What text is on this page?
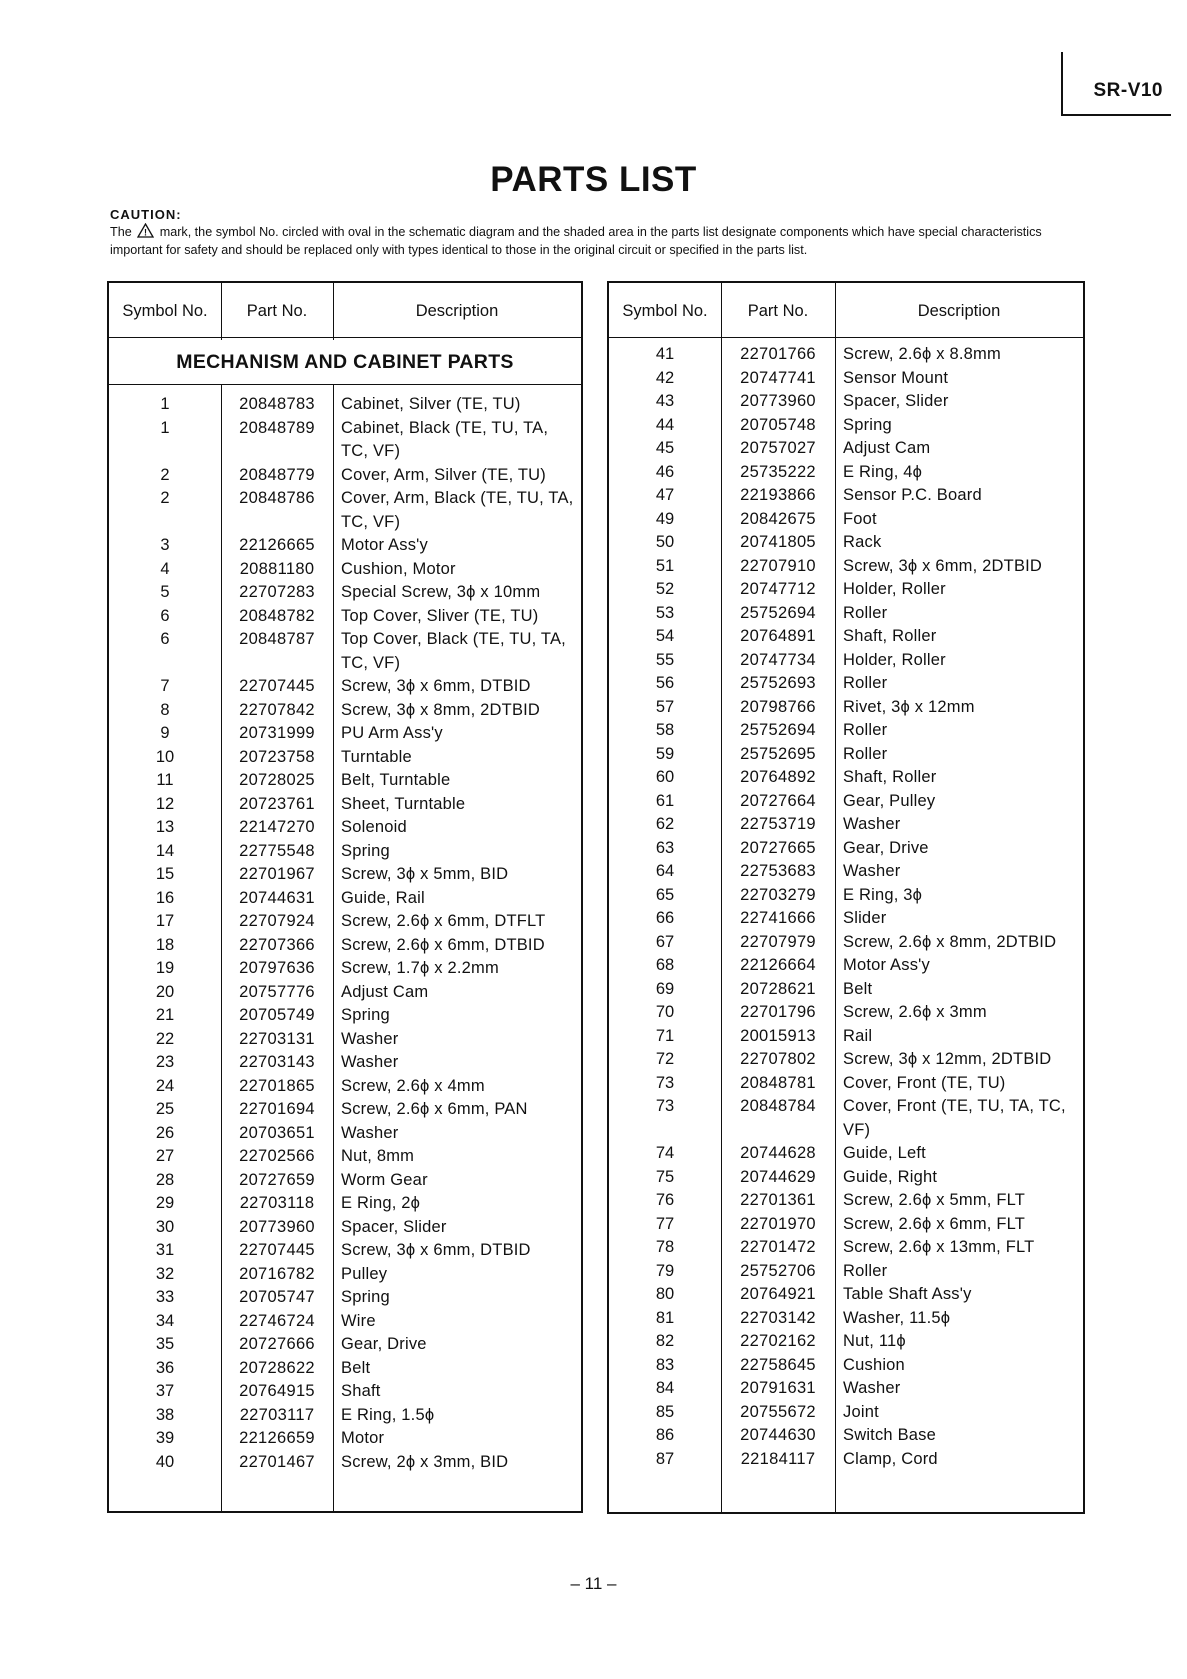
SR-V10
PARTS LIST
CAUTION:
The ! mark, the symbol No. circled with oval in the schematic diagram and the shaded area in the parts list designate components which have special characteristics important for safety and should be replaced only with types identical to those in the original circuit or specified in the parts list.
Symbol No.	Part No.	Description
MECHANISM AND CABINET PARTS
1	20848783	Cabinet, Silver (TE, TU)
1	20848789	Cabinet, Black (TE, TU, TA, TC, VF)
2	20848779	Cover, Arm, Silver (TE, TU)
2	20848786	Cover, Arm, Black (TE, TU, TA, TC, VF)
3	22126665	Motor Ass'y
4	20881180	Cushion, Motor
5	22707283	Special Screw, 3ϕ x 10mm
6	20848782	Top Cover, Sliver (TE, TU)
6	20848787	Top Cover, Black (TE, TU, TA, TC, VF)
7	22707445	Screw, 3ϕ x 6mm, DTBID
8	22707842	Screw, 3ϕ x 8mm, 2DTBID
9	20731999	PU Arm Ass'y
10	20723758	Turntable
11	20728025	Belt, Turntable
12	20723761	Sheet, Turntable
13	22147270	Solenoid
14	22775548	Spring
15	22701967	Screw, 3ϕ x 5mm, BID
16	20744631	Guide, Rail
17	22707924	Screw, 2.6ϕ x 6mm, DTFLT
18	22707366	Screw, 2.6ϕ x 6mm, DTBID
19	20797636	Screw, 1.7ϕ x 2.2mm
20	20757776	Adjust Cam
21	20705749	Spring
22	22703131	Washer
23	22703143	Washer
24	22701865	Screw, 2.6ϕ x 4mm
25	22701694	Screw, 2.6ϕ x 6mm, PAN
26	20703651	Washer
27	22702566	Nut, 8mm
28	20727659	Worm Gear
29	22703118	E Ring, 2ϕ
30	20773960	Spacer, Slider
31	22707445	Screw, 3ϕ x 6mm, DTBID
32	20716782	Pulley
33	20705747	Spring
34	22746724	Wire
35	20727666	Gear, Drive
36	20728622	Belt
37	20764915	Shaft
38	22703117	E Ring, 1.5ϕ
39	22126659	Motor
40	22701467	Screw, 2ϕ x 3mm, BID
Symbol No.	Part No.	Description
41	22701766	Screw, 2.6ϕ x 8.8mm
42	20747741	Sensor Mount
43	20773960	Spacer, Slider
44	20705748	Spring
45	20757027	Adjust Cam
46	25735222	E Ring, 4ϕ
47	22193866	Sensor P.C. Board
49	20842675	Foot
50	20741805	Rack
51	22707910	Screw, 3ϕ x 6mm, 2DTBID
52	20747712	Holder, Roller
53	25752694	Roller
54	20764891	Shaft, Roller
55	20747734	Holder, Roller
56	25752693	Roller
57	20798766	Rivet, 3ϕ x 12mm
58	25752694	Roller
59	25752695	Roller
60	20764892	Shaft, Roller
61	20727664	Gear, Pulley
62	22753719	Washer
63	20727665	Gear, Drive
64	22753683	Washer
65	22703279	E Ring, 3ϕ
66	22741666	Slider
67	22707979	Screw, 2.6ϕ x 8mm, 2DTBID
68	22126664	Motor Ass'y
69	20728621	Belt
70	22701796	Screw, 2.6ϕ x 3mm
71	20015913	Rail
72	22707802	Screw, 3ϕ x 12mm, 2DTBID
73	20848781	Cover, Front (TE, TU)
73	20848784	Cover, Front (TE, TU, TA, TC, VF)
74	20744628	Guide, Left
75	20744629	Guide, Right
76	22701361	Screw, 2.6ϕ x 5mm, FLT
77	22701970	Screw, 2.6ϕ x 6mm, FLT
78	22701472	Screw, 2.6ϕ x 13mm, FLT
79	25752706	Roller
80	20764921	Table Shaft Ass'y
81	22703142	Washer, 11.5ϕ
82	22702162	Nut, 11ϕ
83	22758645	Cushion
84	20791631	Washer
85	20755672	Joint
86	20744630	Switch Base
87	22184117	Clamp, Cord
– 11 –
